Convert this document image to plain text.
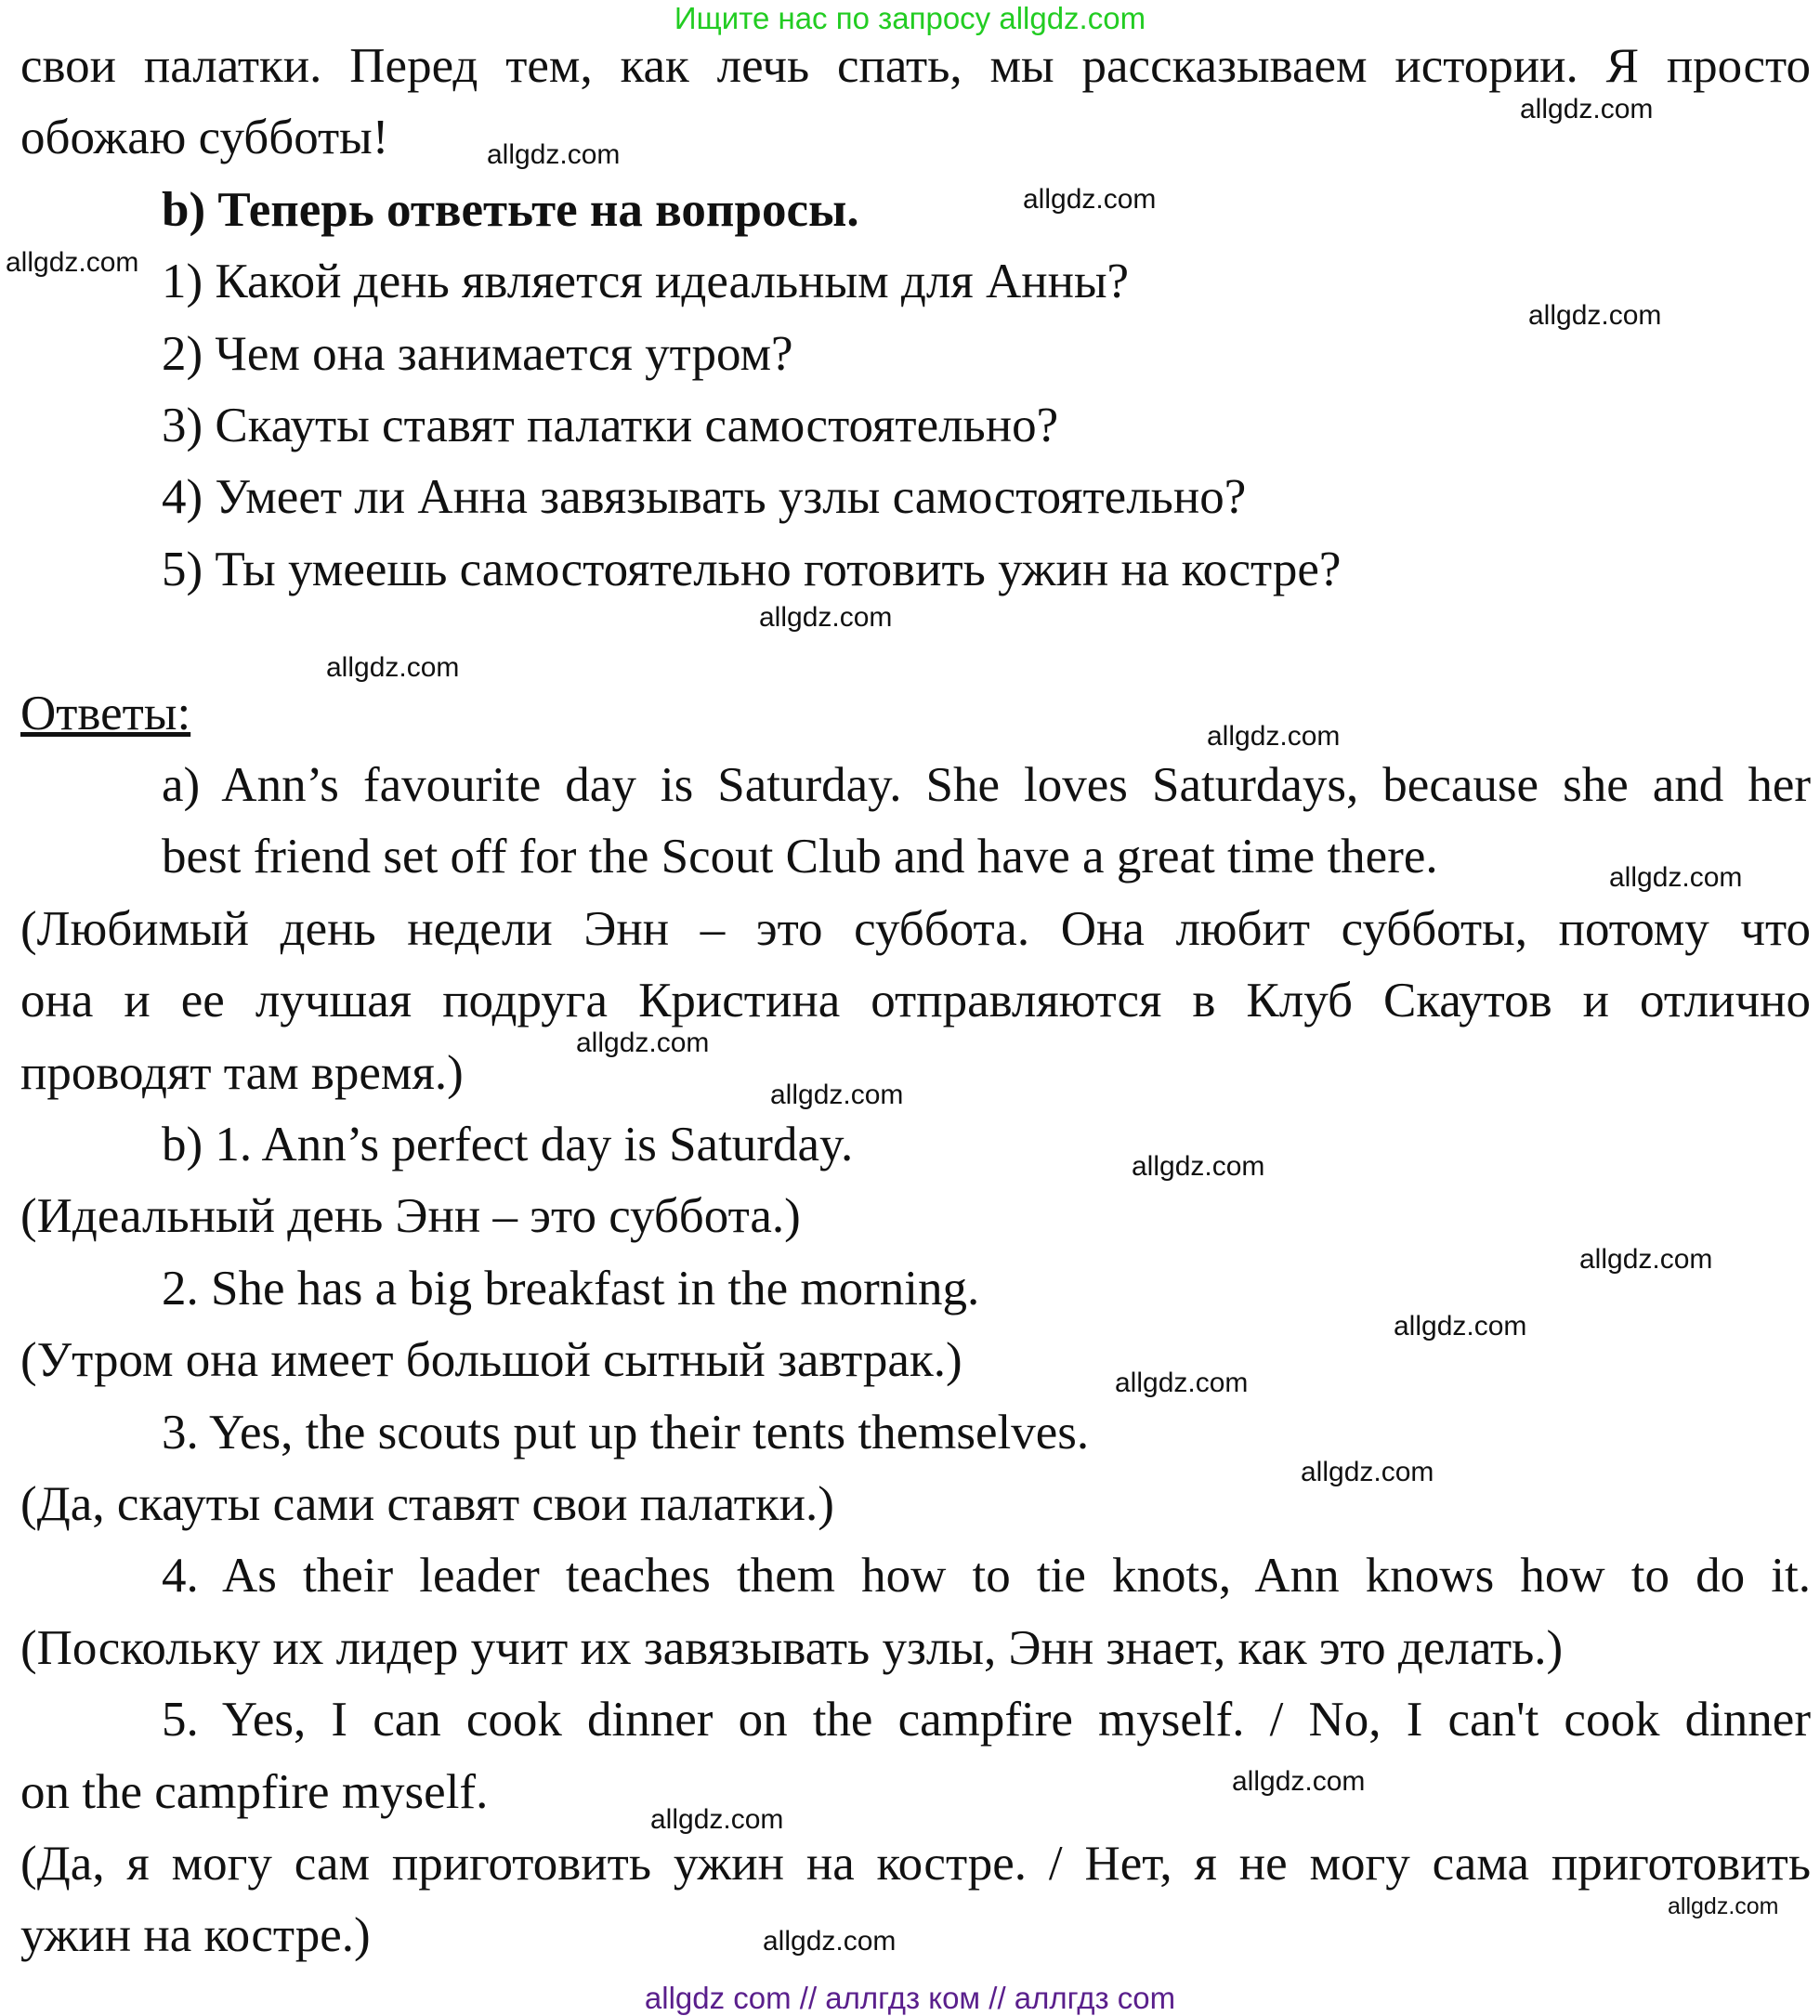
Ищите нас по запросу allgdz.com
свои палатки. Перед тем, как лечь спать, мы рассказываем истории. Я просто
обожаю субботы!
b) Теперь ответьте на вопросы.
1) Какой день является идеальным для Анны?
2) Чем она занимается утром?
3) Скауты ставят палатки самостоятельно?
4) Умеет ли Анна завязывать узлы самостоятельно?
5) Ты умеешь самостоятельно готовить ужин на костре?
Ответы:
a) Ann’s favourite day is Saturday. She loves Saturdays, because she and her
best friend set off for the Scout Club and have a great time there.
(Любимый день недели Энн – это суббота. Она любит субботы, потому что
она и ее лучшая подруга Кристина отправляются в Клуб Скаутов и отлично
проводят там время.)
b) 1. Ann’s perfect day is Saturday.
(Идеальный день Энн – это суббота.)
2. She has a big breakfast in the morning.
(Утром она имеет большой сытный завтрак.)
3. Yes, the scouts put up their tents themselves.
(Да, скауты сами ставят свои палатки.)
4. As their leader teaches them how to tie knots, Ann knows how to do it.
(Поскольку их лидер учит их завязывать узлы, Энн знает, как это делать.)
5. Yes, I can cook dinner on the campfire myself. / No, I can't cook dinner
on the campfire myself.
(Да, я могу сам приготовить ужин на костре. / Нет, я не могу сама приготовить
ужин на костре.)
allgdz.com
allgdz.com
allgdz.com
allgdz.com
allgdz.com
allgdz.com
allgdz.com
allgdz.com
allgdz.com
allgdz.com
allgdz.com
allgdz.com
allgdz.com
allgdz.com
allgdz.com
allgdz.com
allgdz.com
allgdz.com
allgdz.com
allgdz.com
allgdz com // аллгдз ком // аллгдз com
